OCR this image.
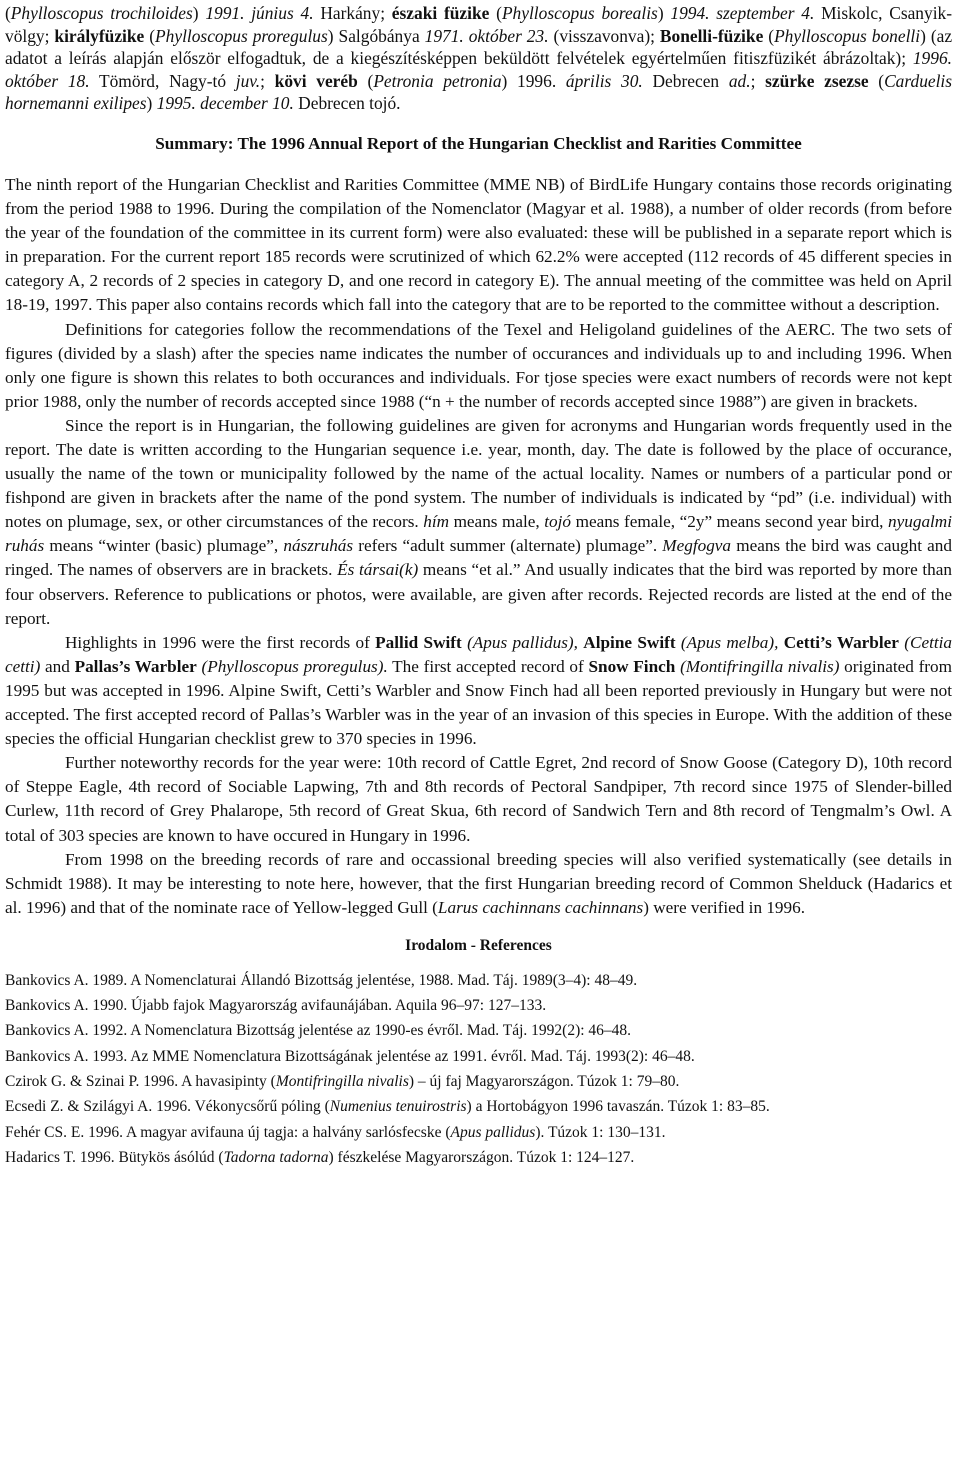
(Phylloscopus trochiloides) 1991. június 4. Harkány; északi füzike (Phylloscopus borealis) 1994. szeptember 4. Miskolc, Csanyik-völgy; királyfüzike (Phylloscopus proregulus) Salgóbánya 1971. október 23. (visszavonva); Bonelli-füzike (Phylloscopus bonelli) (az adatot a leírás alapján először elfogadtuk, de a kiegészítésképpen beküldött felvételek egyértelműen fitiszfüzikét ábrázoltak); 1996. október 18. Tömörd, Nagy-tó juv.; kövi veréb (Petronia petronia) 1996. április 30. Debrecen ad.; szürke zsezse (Carduelis hornemanni exilipes) 1995. december 10. Debrecen tojó.

Summary: The 1996 Annual Report of the Hungarian Checklist and Rarities Committee

The ninth report of the Hungarian Checklist and Rarities Committee (MME NB) of BirdLife Hungary contains those records originating from the period 1988 to 1996. During the compilation of the Nomenclator (Magyar et al. 1988), a number of older records (from before the year of the foundation of the committee in its current form) were also evaluated: these will be published in a separate report which is in preparation. For the current report 185 records were scrutinized of which 62.2% were accepted (112 records of 45 different species in category A, 2 records of 2 species in category D, and one record in category E). The annual meeting of the committee was held on April 18-19, 1997. This paper also contains records which fall into the category that are to be reported to the committee without a description.

Definitions for categories follow the recommendations of the Texel and Heligoland guidelines of the AERC. The two sets of figures (divided by a slash) after the species name indicates the number of occurances and individuals up to and including 1996. When only one figure is shown this relates to both occurances and individuals. For tjose species were exact numbers of records were not kept prior 1988, only the number of records accepted since 1988 (“n + the number of records accepted since 1988”) are given in brackets.

Since the report is in Hungarian, the following guidelines are given for acronyms and Hungarian words frequently used in the report. The date is written according to the Hungarian sequence i.e. year, month, day. The date is followed by the place of occurance, usually the name of the town or municipality followed by the name of the actual locality. Names or numbers of a particular pond or fishpond are given in brackets after the name of the pond system. The number of individuals is indicated by “pd” (i.e. individual) with notes on plumage, sex, or other circumstances of the recors. hím means male, tojó means female, “2y” means second year bird, nyugalmi ruhás means “winter (basic) plumage”, nászruhás refers “adult summer (alternate) plumage”. Megfogva means the bird was caught and ringed. The names of observers are in brackets. És társai(k) means “et al.” And usually indicates that the bird was reported by more than four observers. Reference to publications or photos, were available, are given after records. Rejected records are listed at the end of the report.

Highlights in 1996 were the first records of Pallid Swift (Apus pallidus), Alpine Swift (Apus melba), Cetti’s Warbler (Cettia cetti) and Pallas’s Warbler (Phylloscopus proregulus). The first accepted record of Snow Finch (Montifringilla nivalis) originated from 1995 but was accepted in 1996. Alpine Swift, Cetti’s Warbler and Snow Finch had all been reported previously in Hungary but were not accepted. The first accepted record of Pallas’s Warbler was in the year of an invasion of this species in Europe. With the addition of these species the official Hungarian checklist grew to 370 species in 1996.

Further noteworthy records for the year were: 10th record of Cattle Egret, 2nd record of Snow Goose (Category D), 10th record of Steppe Eagle, 4th record of Sociable Lapwing, 7th and 8th records of Pectoral Sandpiper, 7th record since 1975 of Slender-billed Curlew, 11th record of Grey Phalarope, 5th record of Great Skua, 6th record of Sandwich Tern and 8th record of Tengmalm’s Owl. A total of 303 species are known to have occured in Hungary in 1996.

From 1998 on the breeding records of rare and occassional breeding species will also verified systematically (see details in Schmidt 1988). It may be interesting to note here, however, that the first Hungarian breeding record of Common Shelduck (Hadarics et al. 1996) and that of the nominate race of Yellow-legged Gull (Larus cachinnans cachinnans) were verified in 1996.

Irodalom - References

Bankovics A. 1989. A Nomenclaturai Állandó Bizottság jelentése, 1988. Mad. Táj. 1989(3–4): 48–49.

Bankovics A. 1990. Újabb fajok Magyarország avifaunájában. Aquila 96–97: 127–133.

Bankovics A. 1992. A Nomenclatura Bizottság jelentése az 1990-es évről. Mad. Táj. 1992(2): 46–48.

Bankovics A. 1993. Az MME Nomenclatura Bizottságának jelentése az 1991. évről. Mad. Táj. 1993(2): 46–48.

Czirok G. & Szinai P. 1996. A havasipinty (Montifringilla nivalis) – új faj Magyarországon. Túzok 1: 79–80.

Ecsedi Z. & Szilágyi A. 1996. Vékonycsőrű póling (Numenius tenuirostris) a Hortobágyon 1996 tavaszán. Túzok 1: 83–85.

Fehér CS. E. 1996. A magyar avifauna új tagja: a halvány sarlósfecske (Apus pallidus). Túzok 1: 130–131.

Hadarics T. 1996. Bütykös ásólúd (Tadorna tadorna) fészkelése Magyarországon. Túzok 1: 124–127.
